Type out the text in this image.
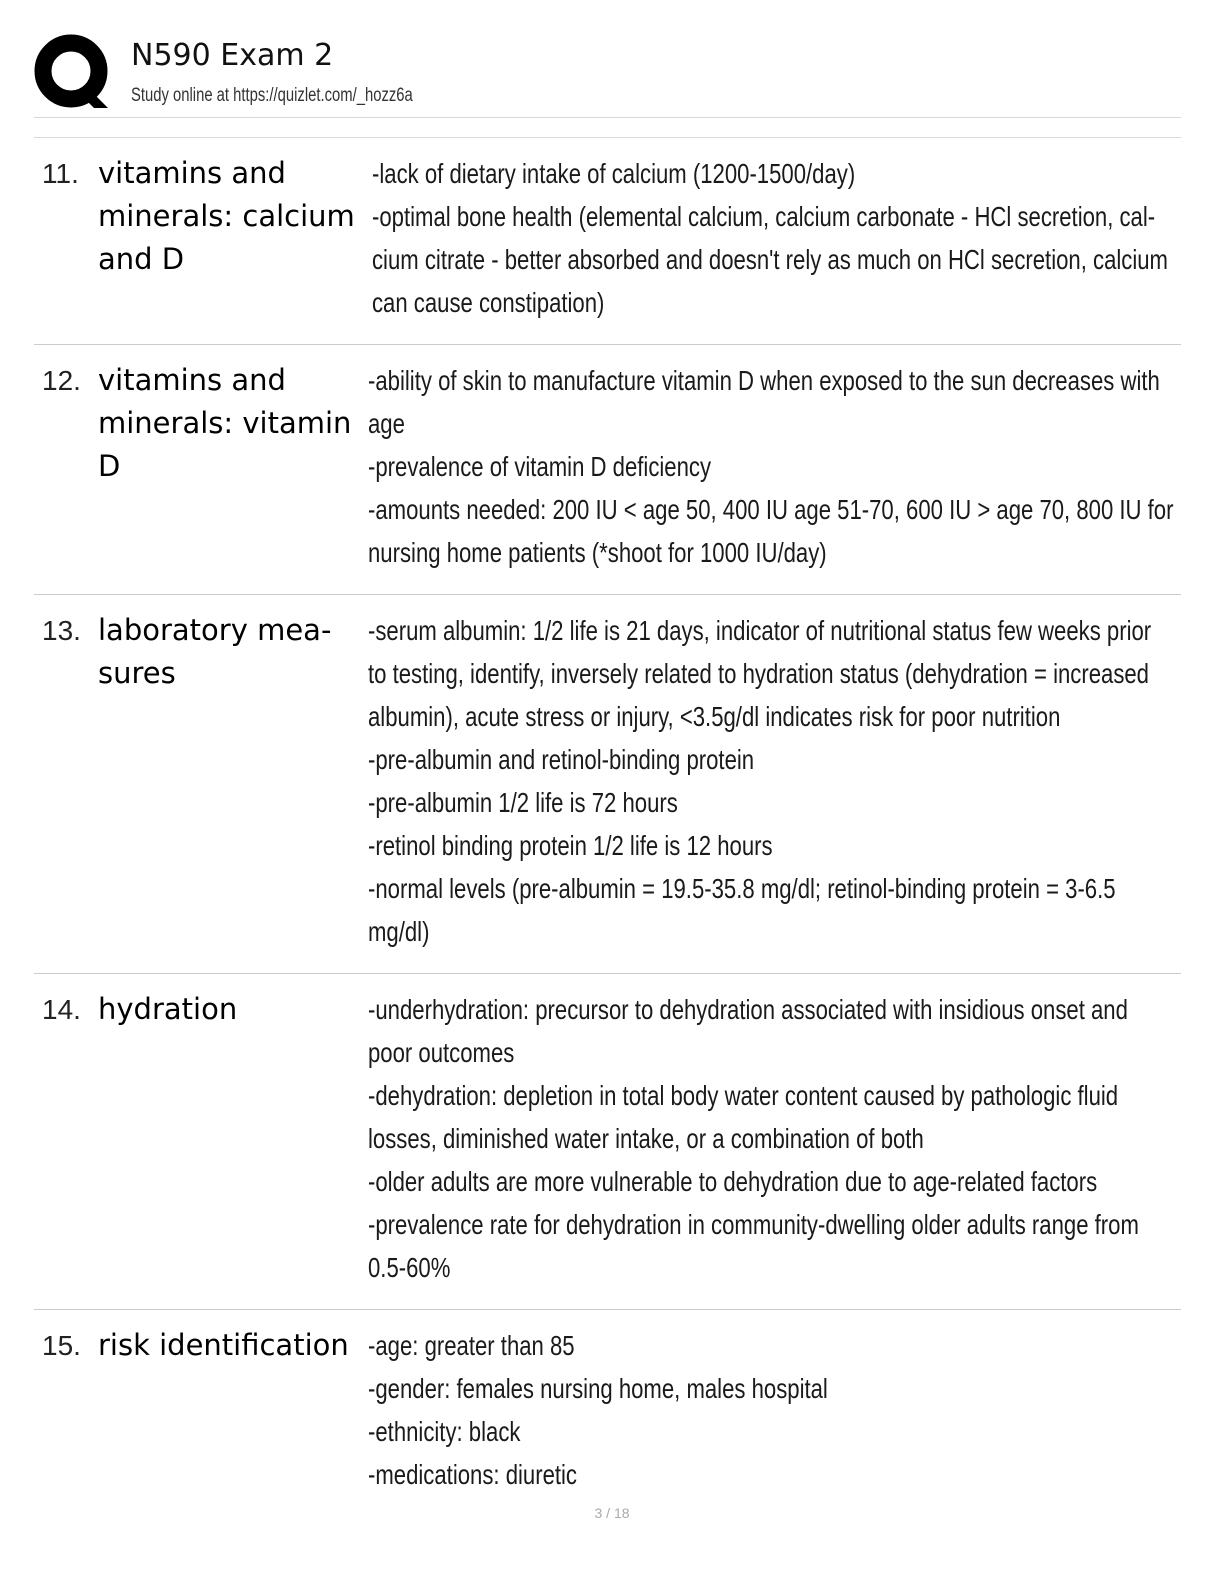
N590 Exam 2
Study online at https://quizlet.com/_hozz6a
11. vitamins and minerals: calcium and D
-lack of dietary intake of calcium (1200-1500/day)
-optimal bone health (elemental calcium, calcium carbonate - HCl secretion, cal-
cium citrate - better absorbed and doesn't rely as much on HCl secretion, calcium
can cause constipation)
12. vitamins and minerals: vitamin D
-ability of skin to manufacture vitamin D when exposed to the sun decreases with
age
-prevalence of vitamin D deficiency
-amounts needed: 200 IU < age 50, 400 IU age 51-70, 600 IU > age 70, 800 IU for
nursing home patients (*shoot for 1000 IU/day)
13. laboratory mea-sures
-serum albumin: 1/2 life is 21 days, indicator of nutritional status few weeks prior
to testing, identify, inversely related to hydration status (dehydration = increased
albumin), acute stress or injury, <3.5g/dl indicates risk for poor nutrition
-pre-albumin and retinol-binding protein
-pre-albumin 1/2 life is 72 hours
-retinol binding protein 1/2 life is 12 hours
-normal levels (pre-albumin = 19.5-35.8 mg/dl; retinol-binding protein = 3-6.5
mg/dl)
14. hydration	-underhydration: precursor to dehydration associated with insidious onset and
poor outcomes
-dehydration: depletion in total body water content caused by pathologic fluid
losses, diminished water intake, or a combination of both
-older adults are more vulnerable to dehydration due to age-related factors
-prevalence rate for dehydration in community-dwelling older adults range from
0.5-60%
15. risk identification -age: greater than 85
-gender: females nursing home, males hospital
-ethnicity: black
-medications: diuretic
3 / 18
